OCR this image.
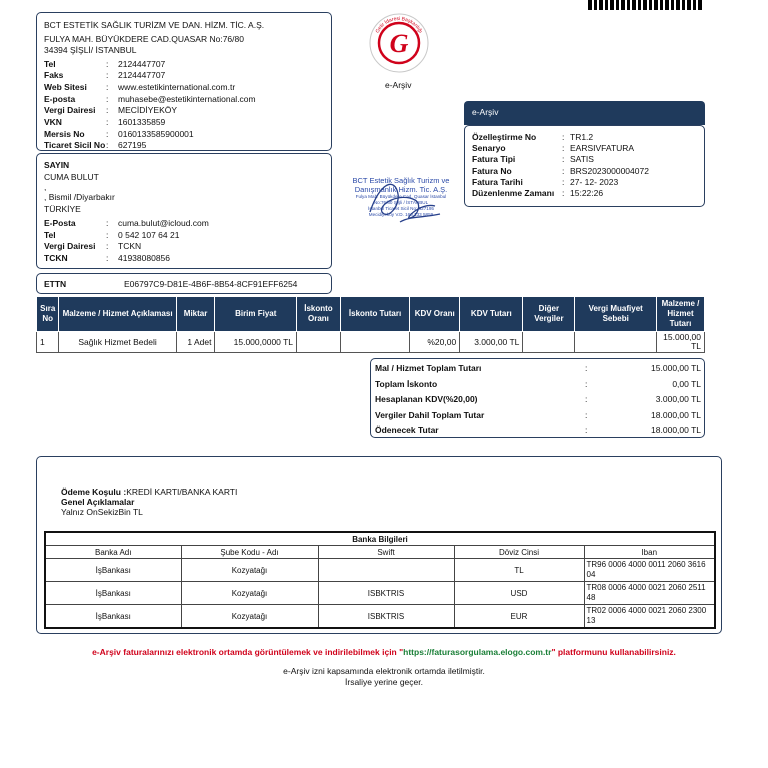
BCT ESTETİK SAĞLIK TURİZM VE DAN. HİZM. TİC. A.Ş.
FULYA MAH. BÜYÜKDERE CAD.QUASAR No:76/80
34394 ŞİŞLİ/ İSTANBUL
Tel	:	2124447707
Faks	:	2124447707
Web Sitesi	:	www.estetikinternational.com.tr
E-posta	:	muhasebe@estetikinternational.com
Vergi Dairesi	:	MECİDİYEKÖY
VKN	:	1601335859
Mersis No	:	0160133585900001
Ticaret Sicil No :	627195
G
Gelir İdaresi Başkanlığı
e-Arşiv
e-Arşiv
Özelleştirme No	: TR1.2
Senaryo	: EARSIVFATURA
Fatura Tipi	: SATIS
Fatura No	: BRS2023000004072
Fatura Tarihi	: 27- 12- 2023
Düzenlenme Zamanı : 15:22:26
SAYIN
CUMA BULUT
,
, Bismil /Diyarbakır
TÜRKİYE
E-Posta	:	cuma.bulut@icloud.com
Tel	:	0 542 107 64 21
Vergi Dairesi	:	TCKN
TCKN	:	41938080856
BCT Estetik Sağlık Turizm ve
Danışmanlık Hizm. Tic. A.Ş.
Fulya Mah. Büyükdere Cad. Quasar İstanbul
No:76/80 Şişli / İSTANBUL
İstanbul Ticaret Sicil No: 627195
Mecidiyeköy V.D. 160 133 5859
ETTN	E06797C9-D81E-4B6F-8B54-8CF91EFF6254
Sıra No	Malzeme / Hizmet Açıklaması	Miktar	Birim Fiyat	İskonto Oranı	İskonto Tutarı	KDV Oranı	KDV Tutarı	Diğer Vergiler	Vergi Muafiyet Sebebi	Malzeme / Hizmet Tutarı
1	Sağlık Hizmet Bedeli	1 Adet	15.000,0000 TL			%20,00	3.000,00 TL			15.000,00 TL
Mal / Hizmet Toplam Tutarı	:	15.000,00 TL
Toplam İskonto	:	0,00 TL
Hesaplanan KDV(%20,00)	:	3.000,00 TL
Vergiler Dahil Toplam Tutar	:	18.000,00 TL
Ödenecek Tutar	:	18.000,00 TL
Ödeme Koşulu :KREDİ KARTI/BANKA KARTI
Genel Açıklamalar
Yalnız OnSekizBin TL
Banka Bilgileri				
Banka Adı	Şube Kodu - Adı	Swift	Döviz Cinsi	Iban
İşBankası	Kozyatağı		TL	TR96 0006 4000 0011 2060 3616 04
İşBankası	Kozyatağı	ISBKTRIS	USD	TR08 0006 4000 0021 2060 2511 48
İşBankası	Kozyatağı	ISBKTRIS	EUR	TR02 0006 4000 0021 2060 2300 13
e-Arşiv faturalarınızı elektronik ortamda görüntülemek ve indirilebilmek için "https://faturasorgulama.elogo.com.tr" platformunu kullanabilirsiniz.
e-Arşiv izni kapsamında elektronik ortamda iletilmiştir.
İrsaliye yerine geçer.
